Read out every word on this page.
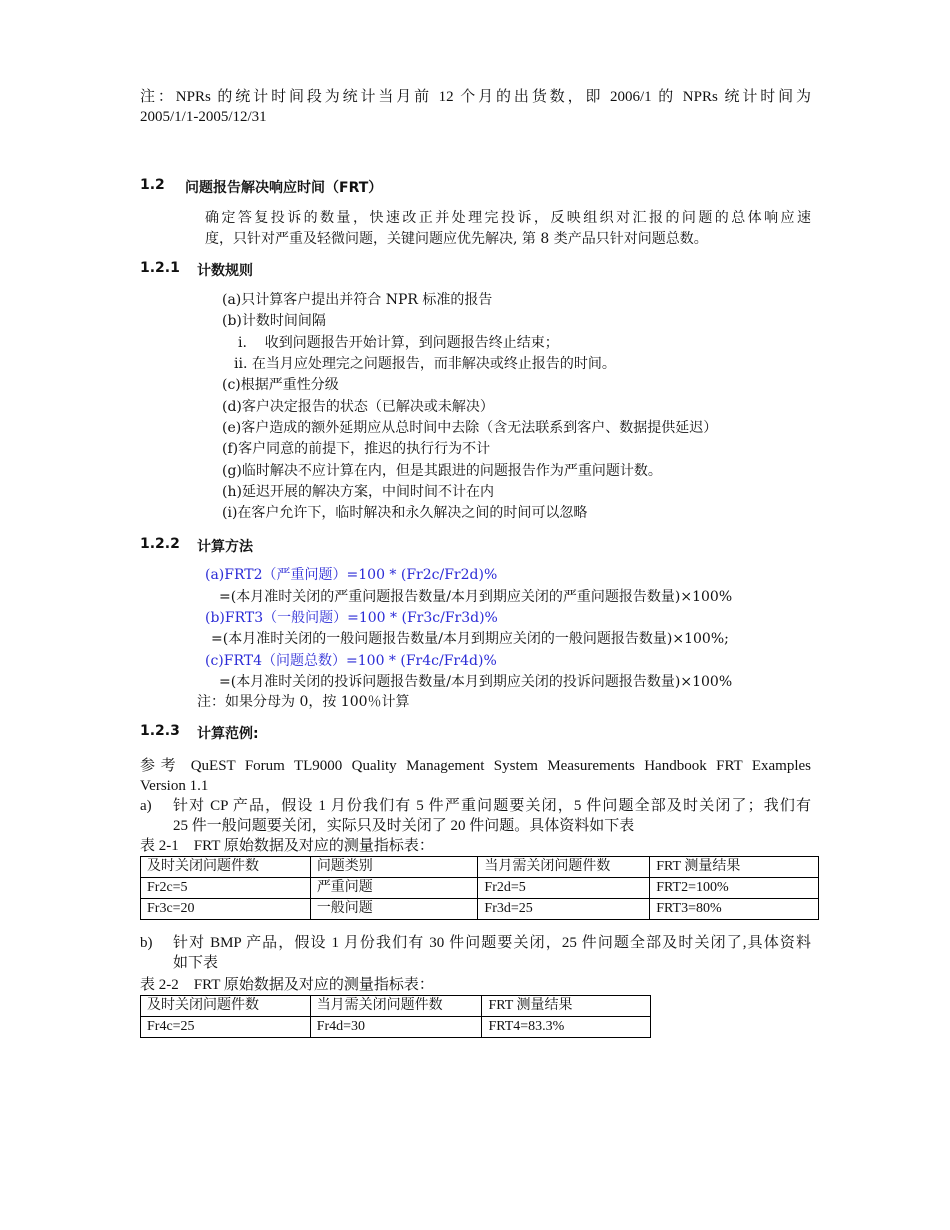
注：NPRs 的统计时间段为统计当月前 12 个月的出货数，即 2006/1 的 NPRs 统计时间为
2005/1/1-2005/12/31
1.2 问题报告解决响应时间（FRT）
确定答复投诉的数量，快速改正并处理完投诉，反映组织对汇报的问题的总体响应速
度，只针对严重及轻微问题，关键问题应优先解决, 第 8 类产品只针对问题总数。
1.2.1 计数规则
(a)只计算客户提出并符合 NPR 标准的报告
(b)计数时间间隔
i.    收到问题报告开始计算，到问题报告终止结束；
ii. 在当月应处理完之问题报告，而非解决或终止报告的时间。
(c)根据严重性分级
(d)客户决定报告的状态（已解决或未解决）
(e)客户造成的额外延期应从总时间中去除（含无法联系到客户、数据提供延迟）
(f)客户同意的前提下，推迟的执行行为不计
(g)临时解决不应计算在内，但是其跟进的问题报告作为严重问题计数。
(h)延迟开展的解决方案，中间时间不计在内
(i)在客户允许下，临时解决和永久解决之间的时间可以忽略
1.2.2 计算方法
(a)FRT2（严重问题）=100 * (Fr2c/Fr2d)%
=(本月准时关闭的严重问题报告数量/本月到期应关闭的严重问题报告数量)×100%
(b)FRT3（一般问题）=100 * (Fr3c/Fr3d)%
=(本月准时关闭的一般问题报告数量/本月到期应关闭的一般问题报告数量)×100%;
(c)FRT4（问题总数）=100 * (Fr4c/Fr4d)%
=(本月准时关闭的投诉问题报告数量/本月到期应关闭的投诉问题报告数量)×100%
注：如果分母为 0，按 100％计算
1.2.3 计算范例:
参考 QuEST Forum TL9000 Quality Management System Measurements Handbook FRT Examples
Version 1.1
a) 针对 CP 产品，假设 1 月份我们有 5 件严重问题要关闭，5 件问题全部及时关闭了；我们有
25 件一般问题要关闭，实际只及时关闭了 20 件问题。具体资料如下表
表 2-1    FRT 原始数据及对应的测量指标表：
及时关闭问题件数	问题类别	当月需关闭问题件数	FRT 测量结果
Fr2c=5	严重问题	Fr2d=5	FRT2=100%
Fr3c=20	一般问题	Fr3d=25	FRT3=80%
b) 针对 BMP 产品，假设 1 月份我们有 30 件问题要关闭，25 件问题全部及时关闭了,具体资料
如下表
表 2-2    FRT 原始数据及对应的测量指标表：
及时关闭问题件数	当月需关闭问题件数	FRT 测量结果
Fr4c=25	Fr4d=30	FRT4=83.3%
